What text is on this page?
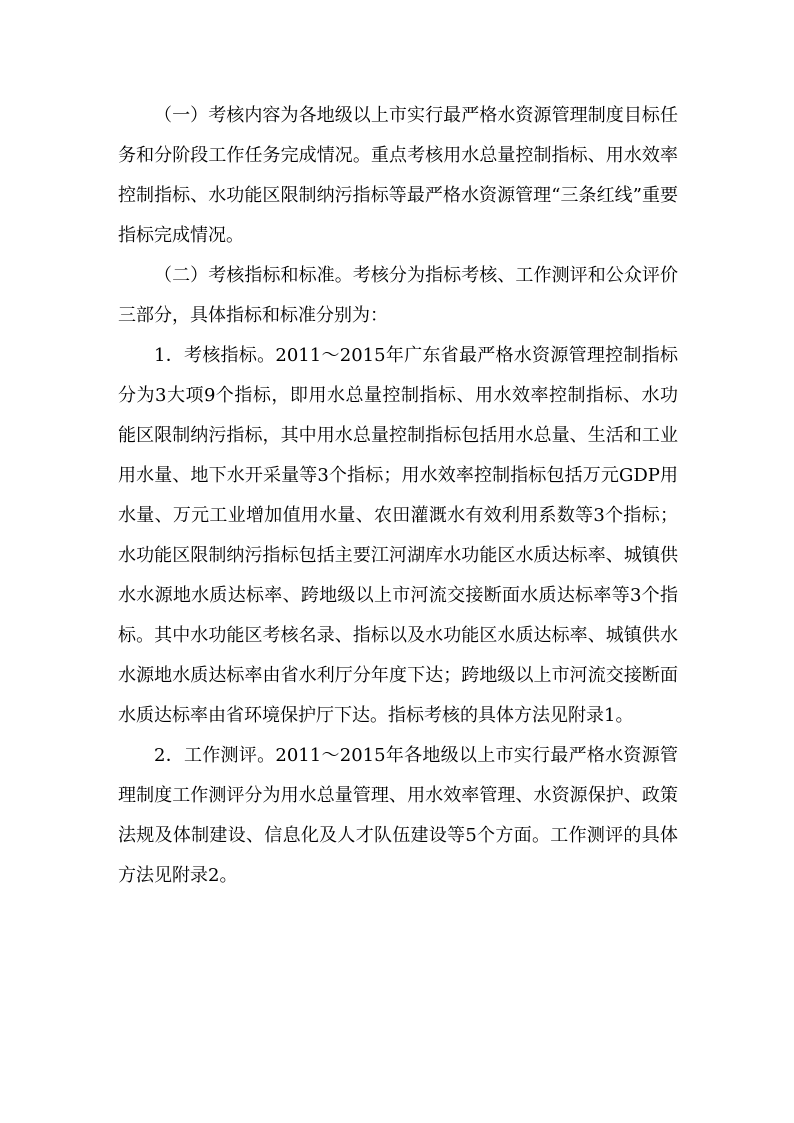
（一）考核内容为各地级以上市实行最严格水资源管理制度目标任务和分阶段工作任务完成情况。重点考核用水总量控制指标、用水效率控制指标、水功能区限制纳污指标等最严格水资源管理“三条红线”重要指标完成情况。

（二）考核指标和标准。考核分为指标考核、工作测评和公众评价三部分，具体指标和标准分别为：

1．考核指标。2011～2015年广东省最严格水资源管理控制指标分为3大项9个指标，即用水总量控制指标、用水效率控制指标、水功能区限制纳污指标，其中用水总量控制指标包括用水总量、生活和工业用水量、地下水开采量等3个指标；用水效率控制指标包括万元GDP用水量、万元工业增加值用水量、农田灌溉水有效利用系数等3个指标；水功能区限制纳污指标包括主要江河湖库水功能区水质达标率、城镇供水水源地水质达标率、跨地级以上市河流交接断面水质达标率等3个指标。其中水功能区考核名录、指标以及水功能区水质达标率、城镇供水水源地水质达标率由省水利厅分年度下达；跨地级以上市河流交接断面水质达标率由省环境保护厅下达。指标考核的具体方法见附录1。

2．工作测评。2011～2015年各地级以上市实行最严格水资源管理制度工作测评分为用水总量管理、用水效率管理、水资源保护、政策法规及体制建设、信息化及人才队伍建设等5个方面。工作测评的具体方法见附录2。
